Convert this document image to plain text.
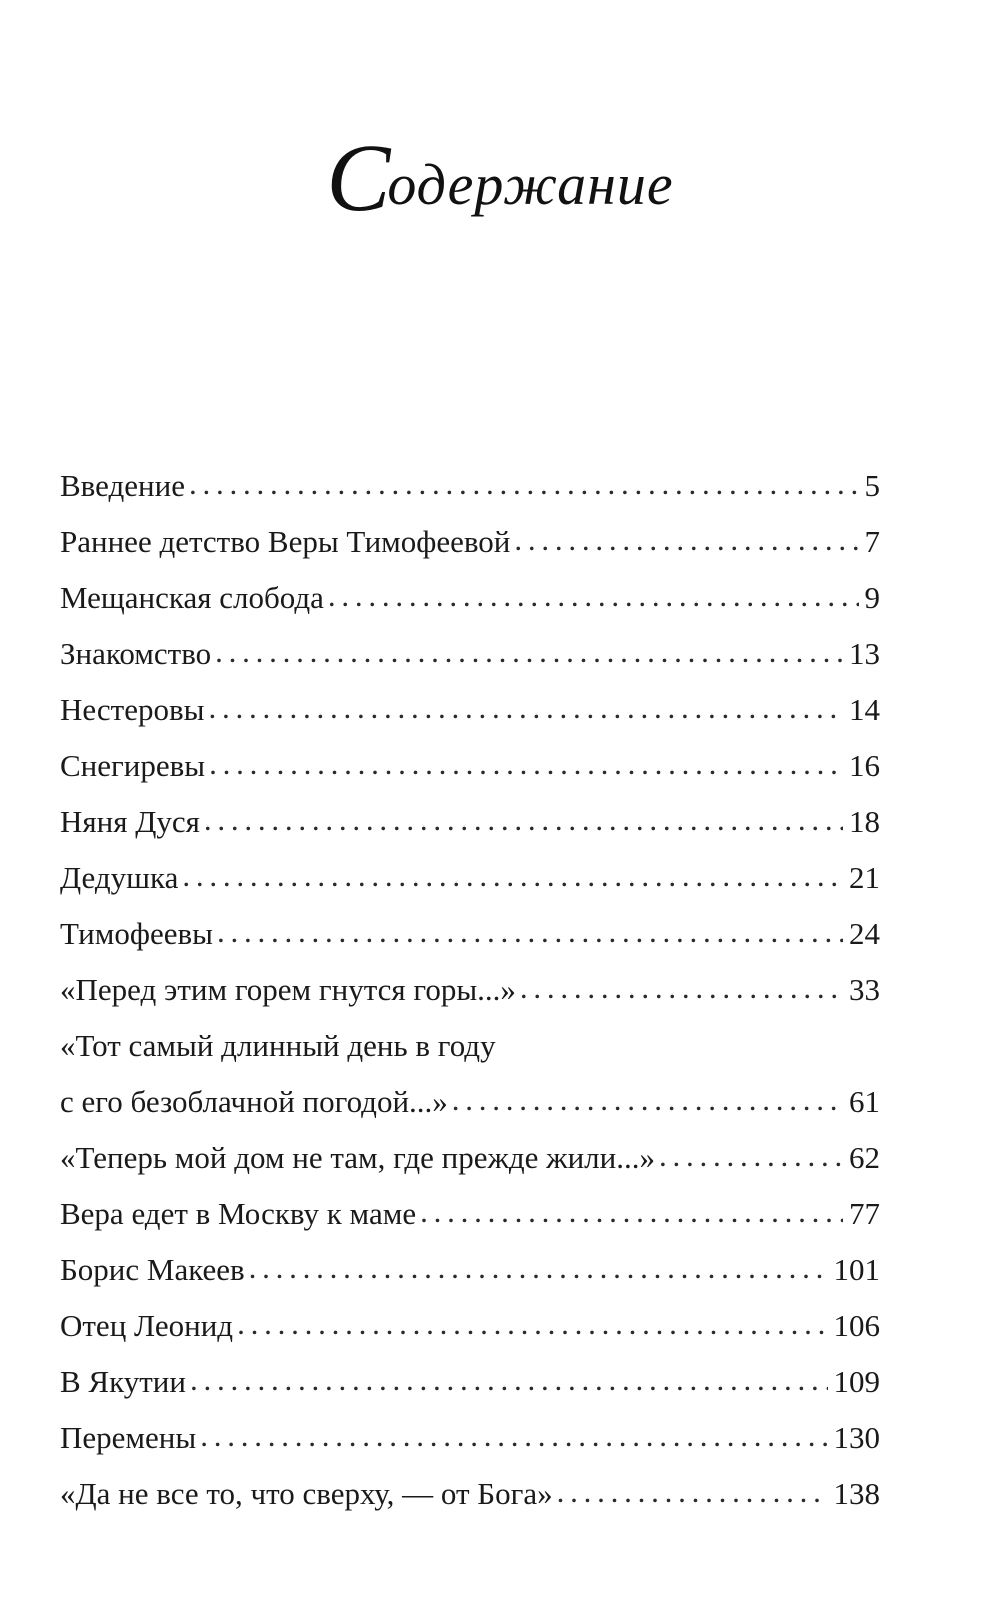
Содержание
Введение . . .	5
Раннее детство Веры Тимофеевой . . .	7
Мещанская слобода . . .	9
Знакомство . . .	13
Нестеровы . . .	14
Снегиревы . . .	16
Няня Дуся . . .	18
Дедушка . . .	21
Тимофеевы . . .	24
«Перед этим горем гнутся горы...» . . .	33
«Тот самый длинный день в году
с его безоблачной погодой...» . . .	61
«Теперь мой дом не там, где прежде жили...» . . .	62
Вера едет в Москву к маме . . .	77
Борис Макеев . . .	101
Отец Леонид . . .	106
В Якутии . . .	109
Перемены . . .	130
«Да не все то, что сверху, — от Бога» . . .	138
